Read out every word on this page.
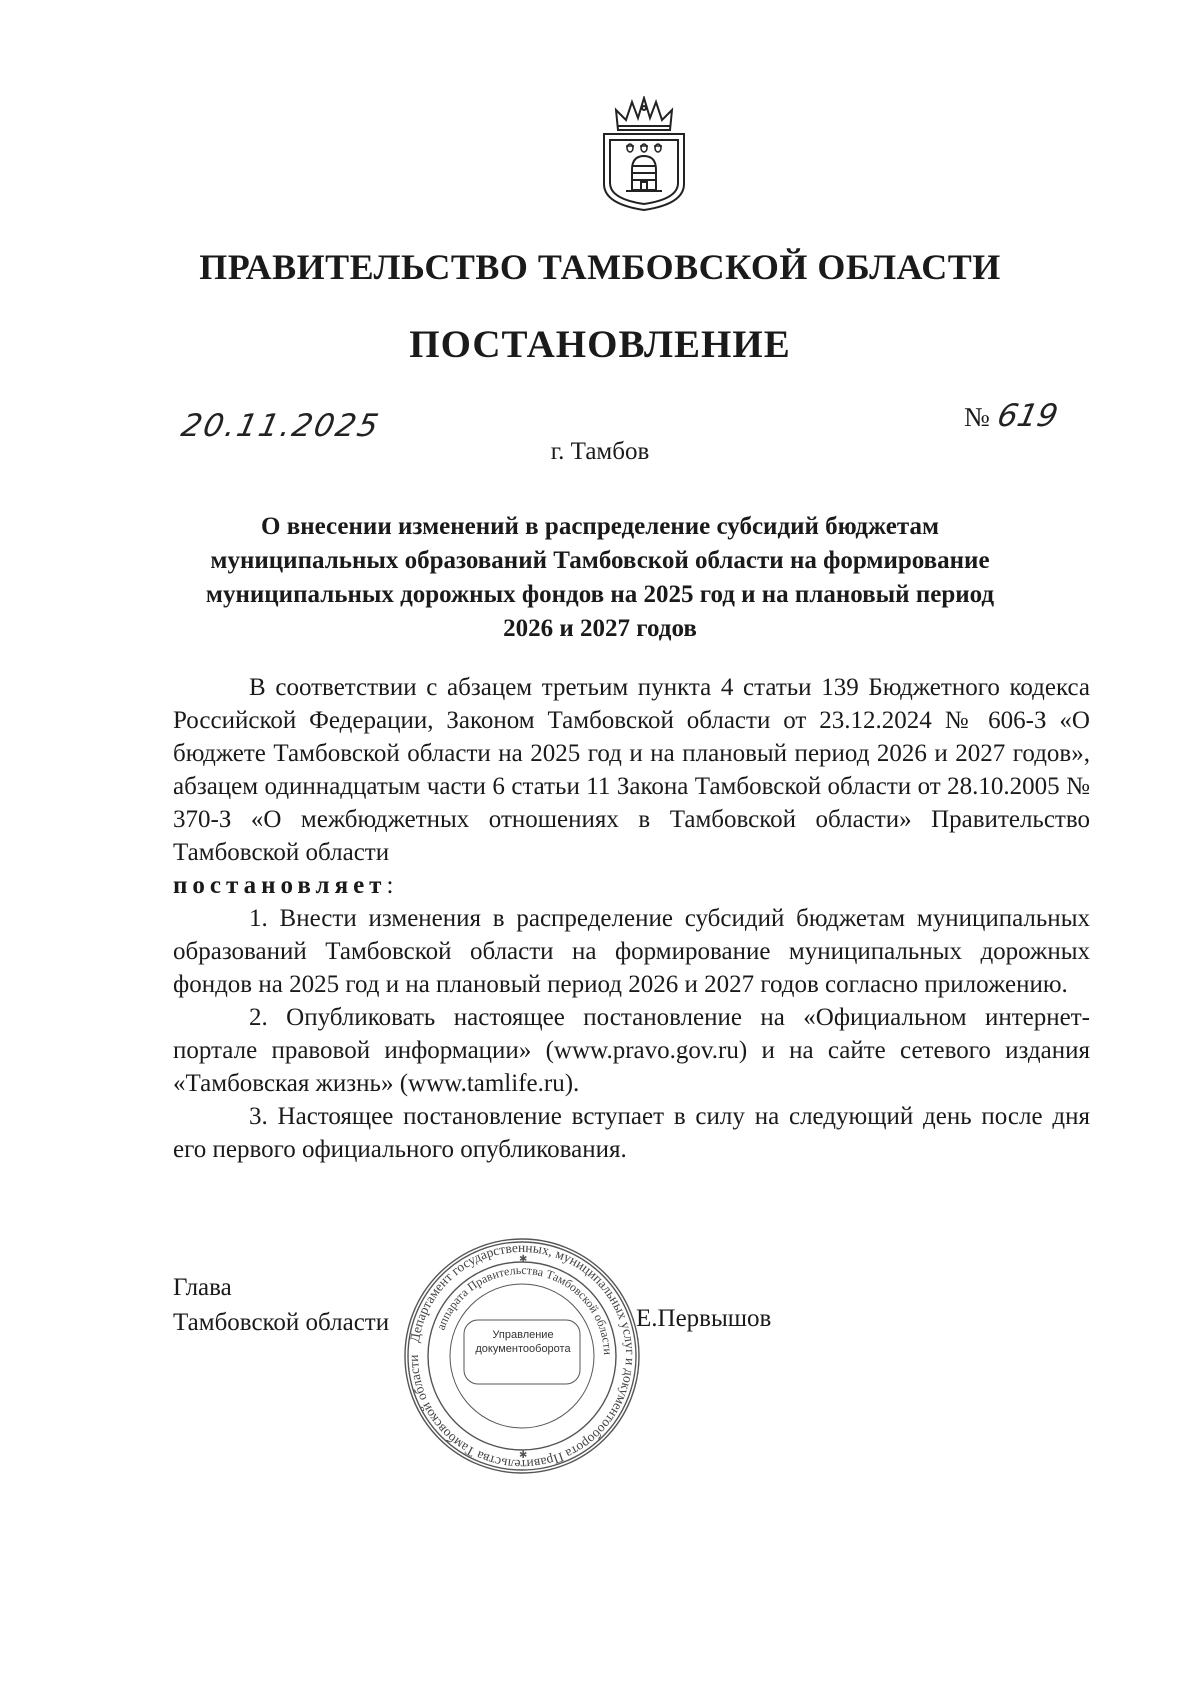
ПРАВИТЕЛЬСТВО ТАМБОВСКОЙ ОБЛАСТИ
ПОСТАНОВЛЕНИЕ
20.11.2025	№ 619
г. Тамбов
О внесении изменений в распределение субсидий бюджетам
муниципальных образований Тамбовской области на формирование
муниципальных дорожных фондов на 2025 год и на плановый период
2026 и 2027 годов

В соответствии с абзацем третьим пункта 4 статьи 139 Бюджетного кодекса Российской Федерации, Законом Тамбовской области от 23.12.2024 № 606-З «О бюджете Тамбовской области на 2025 год и на плановый период 2026 и 2027 годов», абзацем одиннадцатым части 6 статьи 11 Закона Тамбовской области от 28.10.2005 № 370-З «О межбюджетных отношениях в Тамбовской области» Правительство Тамбовской области

постановляет:

1. Внести изменения в распределение субсидий бюджетам муниципальных образований Тамбовской области на формирование муниципальных дорожных фондов на 2025 год и на плановый период 2026 и 2027 годов согласно приложению.

2. Опубликовать настоящее постановление на «Официальном интернет-портале правовой информации» (www.pravo.gov.ru) и на сайте сетевого издания «Тамбовская жизнь» (www.tamlife.ru).

3. Настоящее постановление вступает в силу на следующий день после дня его первого официального опубликования.

Глава
Тамбовской области	Е.Первышов
Департамент государственных, муниципальных услуг и документооборота Правительства Тамбовской области
аппарата Правительства Тамбовской области
✱
✱
Управление
документооборота
